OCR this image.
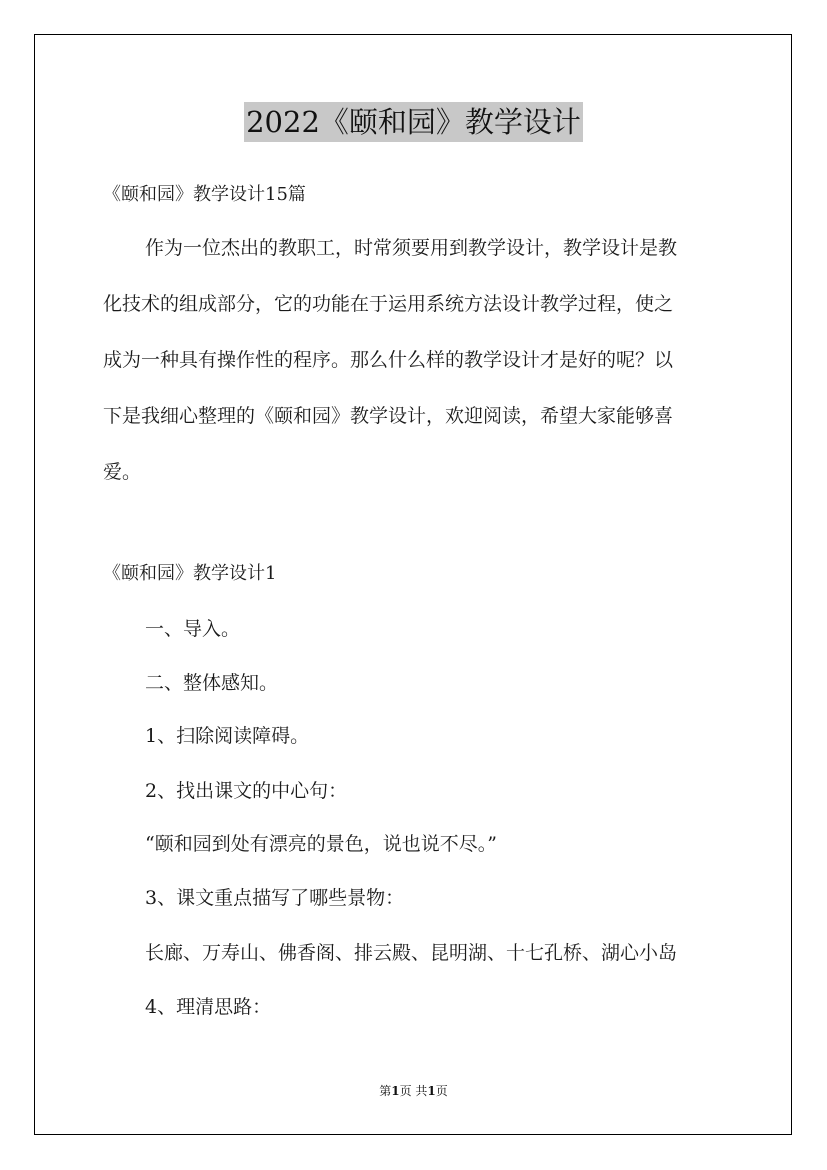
2022《颐和园》教学设计
《颐和园》教学设计15篇
作为一位杰出的教职工，时常须要用到教学设计，教学设计是教
化技术的组成部分，它的功能在于运用系统方法设计教学过程，使之
成为一种具有操作性的程序。那么什么样的教学设计才是好的呢？以
下是我细心整理的《颐和园》教学设计，欢迎阅读，希望大家能够喜
爱。
《颐和园》教学设计1
一、导入。
二、整体感知。
1、扫除阅读障碍。
2、找出课文的中心句：
“颐和园到处有漂亮的景色，说也说不尽。”
3、课文重点描写了哪些景物：
长廊、万寿山、佛香阁、排云殿、昆明湖、十七孔桥、湖心小岛
4、理清思路：
第1页 共1页
